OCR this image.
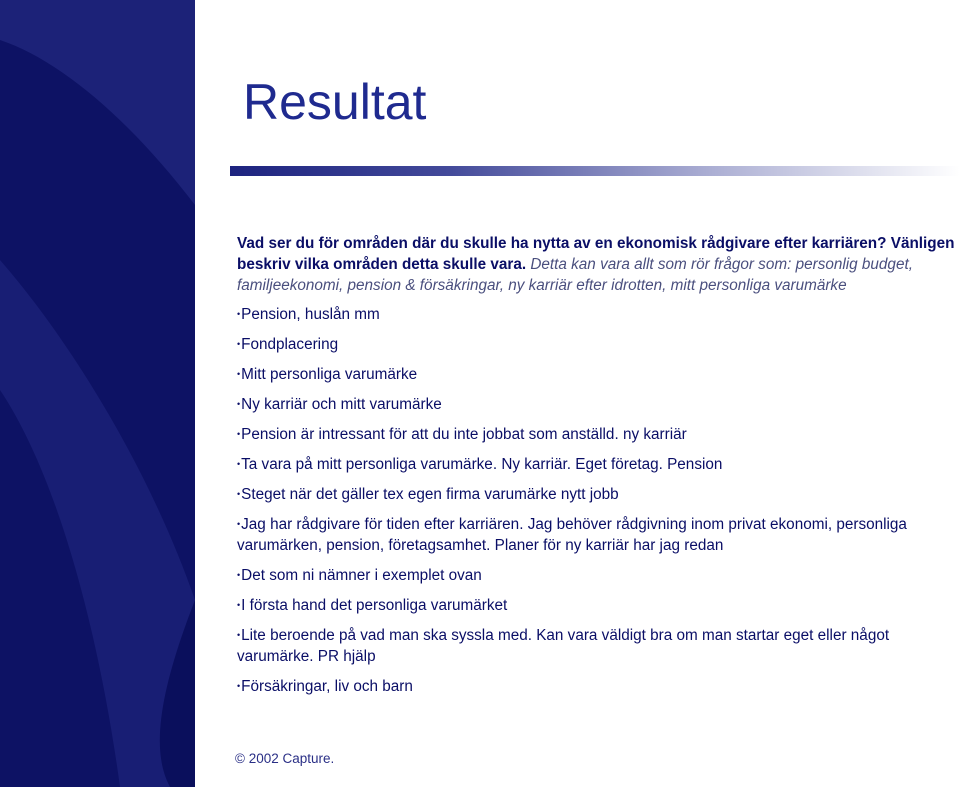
Resultat

Vad ser du för områden där du skulle ha nytta av en ekonomisk rådgivare efter karriären? Vänligen beskriv vilka områden detta skulle vara. Detta kan vara allt som rör frågor som: personlig budget, familjeekonomi, pension & försäkringar, ny karriär efter idrotten, mitt personliga varumärke

• Pension, huslån mm
• Fondplacering
• Mitt personliga varumärke
• Ny karriär och mitt varumärke
• Pension är intressant för att du inte jobbat som anställd. ny karriär
• Ta vara på mitt personliga varumärke. Ny karriär. Eget företag. Pension
• Steget när det gäller tex egen firma varumärke nytt jobb
• Jag har rådgivare för tiden efter karriären. Jag behöver rådgivning inom privat ekonomi, personliga varumärken, pension, företagsamhet. Planer för ny karriär har jag redan
• Det som ni nämner i exemplet ovan
• I första hand det personliga varumärket
• Lite beroende på vad man ska syssla med. Kan vara väldigt bra om man startar eget eller något varumärke. PR hjälp
• Försäkringar, liv och barn
© 2002 Capture.
